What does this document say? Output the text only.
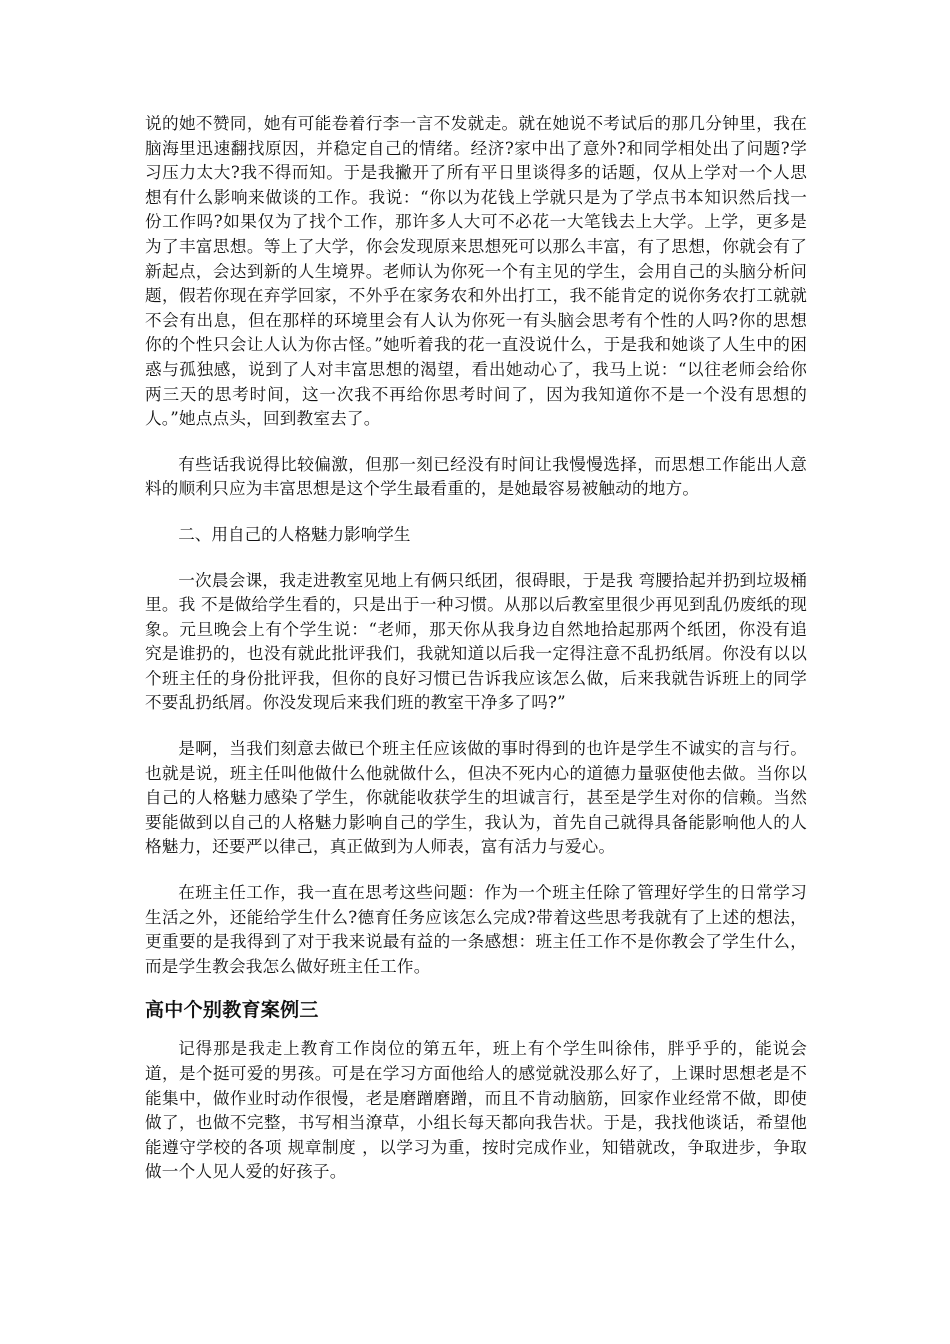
说的她不赞同，她有可能卷着行李一言不发就走。就在她说不考试后的那几分钟里，我在脑海里迅速翻找原因，并稳定自己的情绪。经济?家中出了意外?和同学相处出了问题?学习压力太大?我不得而知。于是我撇开了所有平日里谈得多的话题，仅从上学对一个人思想有什么影响来做谈的工作。我说：“你以为花钱上学就只是为了学点书本知识然后找一份工作吗?如果仅为了找个工作，那许多人大可不必花一大笔钱去上大学。上学，更多是为了丰富思想。等上了大学，你会发现原来思想死可以那么丰富，有了思想，你就会有了新起点，会达到新的人生境界。老师认为你死一个有主见的学生，会用自己的头脑分析问题，假若你现在弃学回家，不外乎在家务农和外出打工，我不能肯定的说你务农打工就就不会有出息，但在那样的环境里会有人认为你死一有头脑会思考有个性的人吗?你的思想你的个性只会让人认为你古怪。”她听着我的花一直没说什么，于是我和她谈了人生中的困惑与孤独感，说到了人对丰富思想的渴望，看出她动心了，我马上说：“以往老师会给你两三天的思考时间，这一次我不再给你思考时间了，因为我知道你不是一个没有思想的人。”她点点头，回到教室去了。

有些话我说得比较偏激，但那一刻已经没有时间让我慢慢选择，而思想工作能出人意料的顺利只应为丰富思想是这个学生最看重的，是她最容易被触动的地方。

二、用自己的人格魅力影响学生

一次晨会课，我走进教室见地上有俩只纸团，很碍眼，于是我 弯腰拾起并扔到垃圾桶里。我 不是做给学生看的，只是出于一种习惯。从那以后教室里很少再见到乱仍废纸的现象。元旦晚会上有个学生说：“老师，那天你从我身边自然地拾起那两个纸团，你没有追究是谁扔的，也没有就此批评我们，我就知道以后我一定得注意不乱扔纸屑。你没有以以个班主任的身份批评我，但你的良好习惯已告诉我应该怎么做，后来我就告诉班上的同学不要乱扔纸屑。你没发现后来我们班的教室干净多了吗?”

是啊，当我们刻意去做已个班主任应该做的事时得到的也许是学生不诚实的言与行。也就是说，班主任叫他做什么他就做什么，但决不死内心的道德力量驱使他去做。当你以自己的人格魅力感染了学生，你就能收获学生的坦诚言行，甚至是学生对你的信赖。当然要能做到以自己的人格魅力影响自己的学生，我认为，首先自己就得具备能影响他人的人格魅力，还要严以律己，真正做到为人师表，富有活力与爱心。

在班主任工作，我一直在思考这些问题：作为一个班主任除了管理好学生的日常学习生活之外，还能给学生什么?德育任务应该怎么完成?带着这些思考我就有了上述的想法，更重要的是我得到了对于我来说最有益的一条感想：班主任工作不是你教会了学生什么，而是学生教会我怎么做好班主任工作。

高中个别教育案例三

记得那是我走上教育工作岗位的第五年，班上有个学生叫徐伟，胖乎乎的，能说会道，是个挺可爱的男孩。可是在学习方面他给人的感觉就没那么好了，上课时思想老是不能集中，做作业时动作很慢，老是磨蹭磨蹭，而且不肯动脑筋，回家作业经常不做，即使做了，也做不完整，书写相当潦草，小组长每天都向我告状。于是，我找他谈话，希望他能遵守学校的各项 规章制度 ，以学习为重，按时完成作业，知错就改，争取进步，争取做一个人见人爱的好孩子。
